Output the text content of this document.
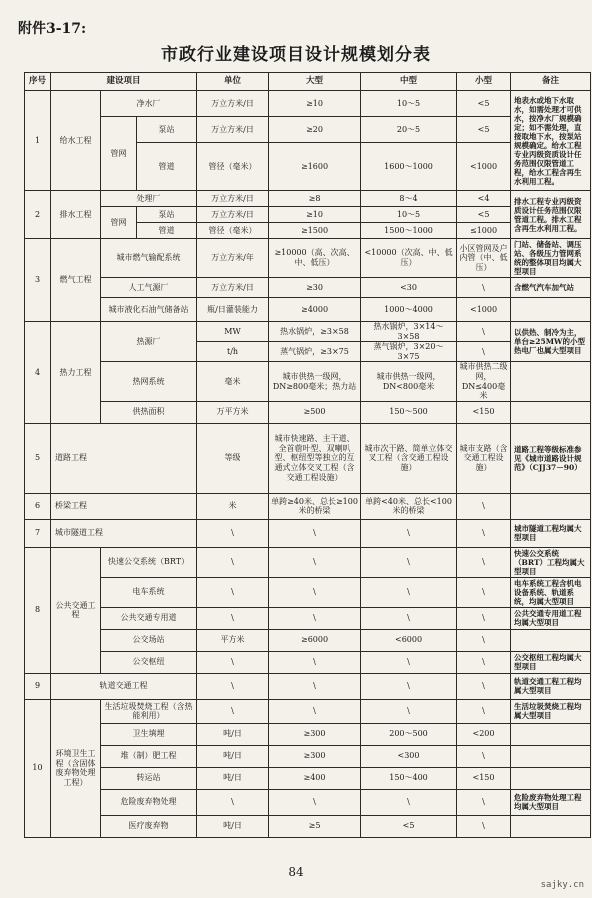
附件3-17:
市政行业建设项目设计规模划分表
序号	建设项目			单位	大型	中型	小型	备注
1	给水工程	净水厂		万立方米/日	≥10	10～5	<5	地表水或地下水取水，如需处理才可供水，按净水厂规模确定；如不需处理，直接取地下水，按泵站规模确定。给水工程专业丙级资质设计任务范围仅限管道工程，给水工程含再生水利用工程。
		管网	泵站	万立方米/日	≥20	20～5	<5	
			管道	管径（毫米）	≥1600	1600～1000	<1000	
2	排水工程	处理厂		万立方米/日	≥8	8～4	<4	排水工程专业丙级资质设计任务范围仅限管道工程。排水工程含再生水利用工程。
		管网	泵站	万立方米/日	≥10	10～5	<5	
			管道	管径（毫米）	≥1500	1500～1000	≤1000	
3	燃气工程	城市燃气输配系统		万立方米/年	≥10000（高、次高、中、低压）	<10000（次高、中、低压）	小区管网及户内管（中、低压）	门站、储备站、调压站、各级压力管网系统的整体项目均属大型项目
		人工气源厂		万立方米/日	≥30	<30	\	含燃气汽车加气站
		城市液化石油气储备站		瓶/日灌装能力	≥4000	1000～4000	<1000	
4	热力工程	热源厂		MW	热水锅炉，≥3×58	热水锅炉，3×14～3×58	\	以供热、制冷为主，单台≥25MW的小型热电厂也属大型项目
				t/h	蒸气锅炉，≥3×75	蒸气锅炉，3×20～3×75	\	
		热网系统		毫米	城市供热一级网，DN≥800毫米；热力站	城市供热一级网，DN<800毫米	城市供热二级网，DN≤400毫米	
		供热面积		万平方米	≥500	150～500	<150	
5	道路工程			等级	城市快速路、主干道、全首蓿叶型、双喇叭型、枢纽型等独立的互通式立体交叉工程（含交通工程设施）	城市次干路、简单立体交叉工程（含交通工程设施）	城市支路（含交通工程设施）	道路工程等级标准参见《城市道路设计规范》（CJJ37－90）
6	桥梁工程			米	单跨≥40米、总长≥100米的桥梁	单跨<40米、总长<100米的桥梁	\	
7	城市隧道工程			\	\	\	\	城市隧道工程均属大型项目
8	公共交通工程	快速公交系统（BRT）		\	\	\	\	快速公交系统（BRT）工程均属大型项目
		电车系统		\	\	\	\	电车系统工程含机电设备系统、轨道系统，均属大型项目
		公共交通专用道		\	\	\	\	公共交通专用道工程均属大型项目
		公交场站		平方米	≥6000	<6000	\	
		公交枢纽		\	\	\	\	公交枢纽工程均属大型项目
9	轨道交通工程			\	\	\	\	轨道交通工程工程均属大型项目
10	环境卫生工程（含固体废弃物处理工程）	生活垃圾焚烧工程（含热能利用）		\	\	\	\	生活垃圾焚烧工程均属大型项目
		卫生填埋		吨/日	≥300	200～500	<200	
		堆（制）肥工程		吨/日	≥300	<300	\	
		转运站		吨/日	≥400	150～400	<150	
		危险废弃物处理		\	\	\	\	危险废弃物处理工程均属大型项目
		医疗废弃物		吨/日	≥5	<5	\	
84
sajky.cn
